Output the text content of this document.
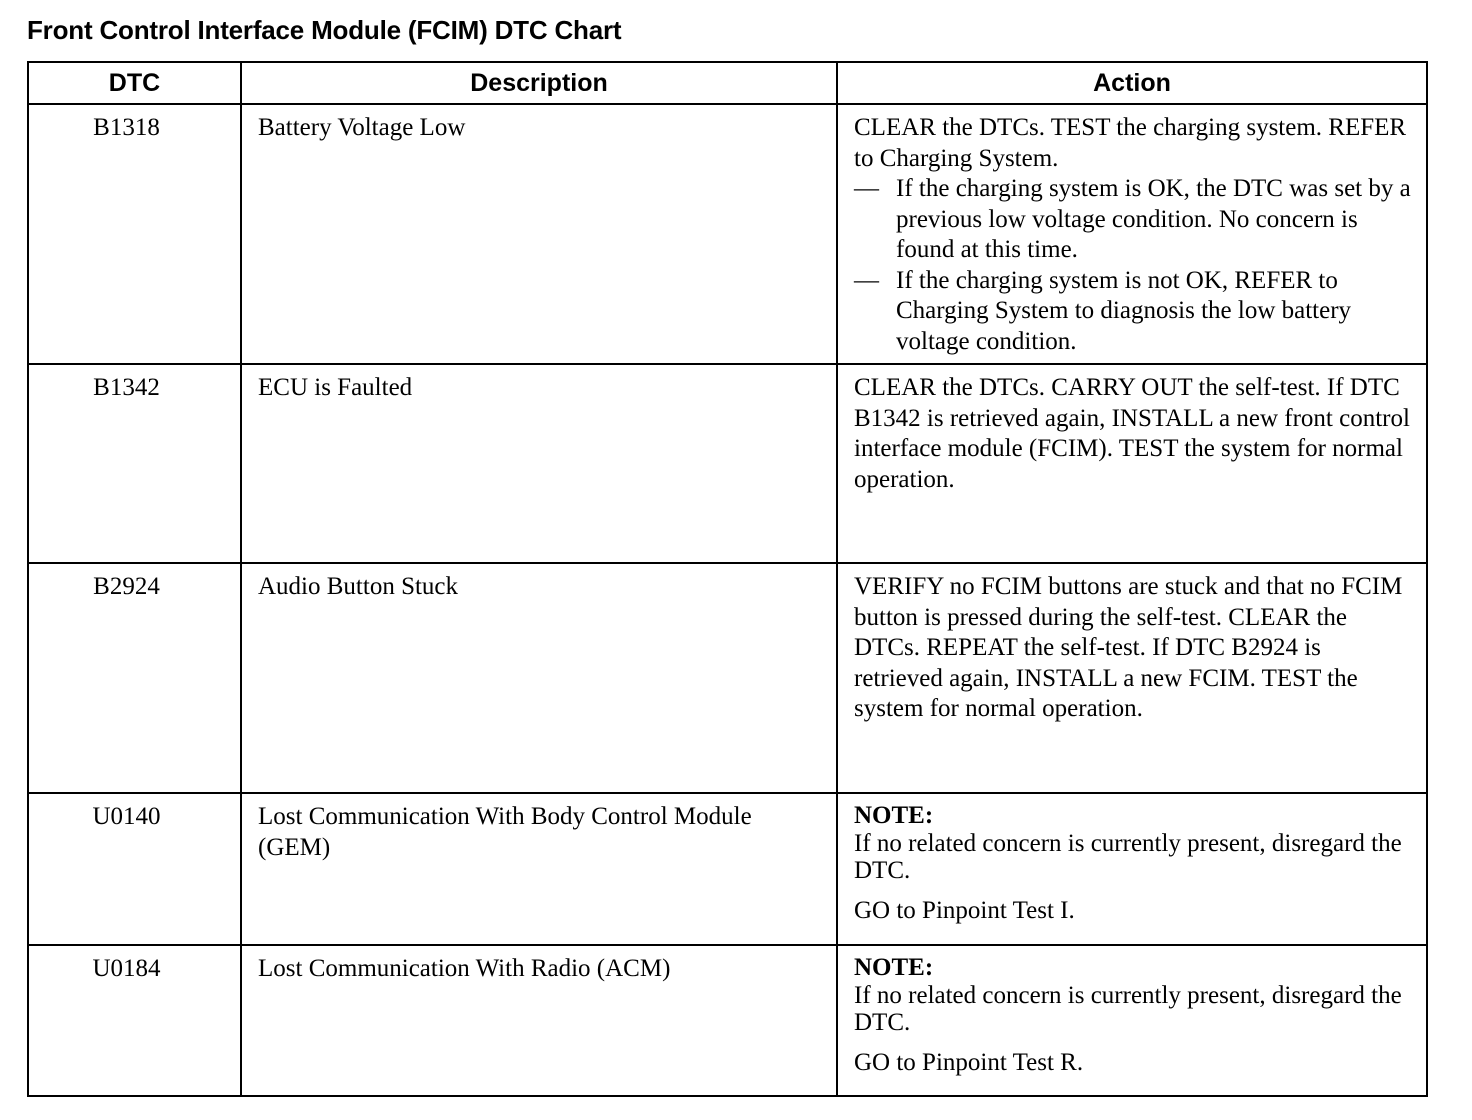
Front Control Interface Module (FCIM) DTC Chart
DTC	Description	Action
B1318	Battery Voltage Low	CLEAR the DTCs. TEST the charging system. REFER to Charging System.
— If the charging system is OK, the DTC was set by a previous low voltage condition. No concern is found at this time.
— If the charging system is not OK, REFER to Charging System to diagnosis the low battery voltage condition.

B1342	ECU is Faulted	CLEAR the DTCs. CARRY OUT the self-test. If DTC B1342 is retrieved again, INSTALL a new front control interface module (FCIM). TEST the system for normal operation.
B2924	Audio Button Stuck	VERIFY no FCIM buttons are stuck and that no FCIM button is pressed during the self-test. CLEAR the DTCs. REPEAT the self-test. If DTC B2924 is retrieved again, INSTALL a new FCIM. TEST the system for normal operation.
U0140	Lost Communication With Body Control Module (GEM)	NOTE:
If no related concern is currently present, disregard the DTC.
GO to Pinpoint Test I.

U0184	Lost Communication With Radio (ACM)	NOTE:
If no related concern is currently present, disregard the DTC.
GO to Pinpoint Test R.
